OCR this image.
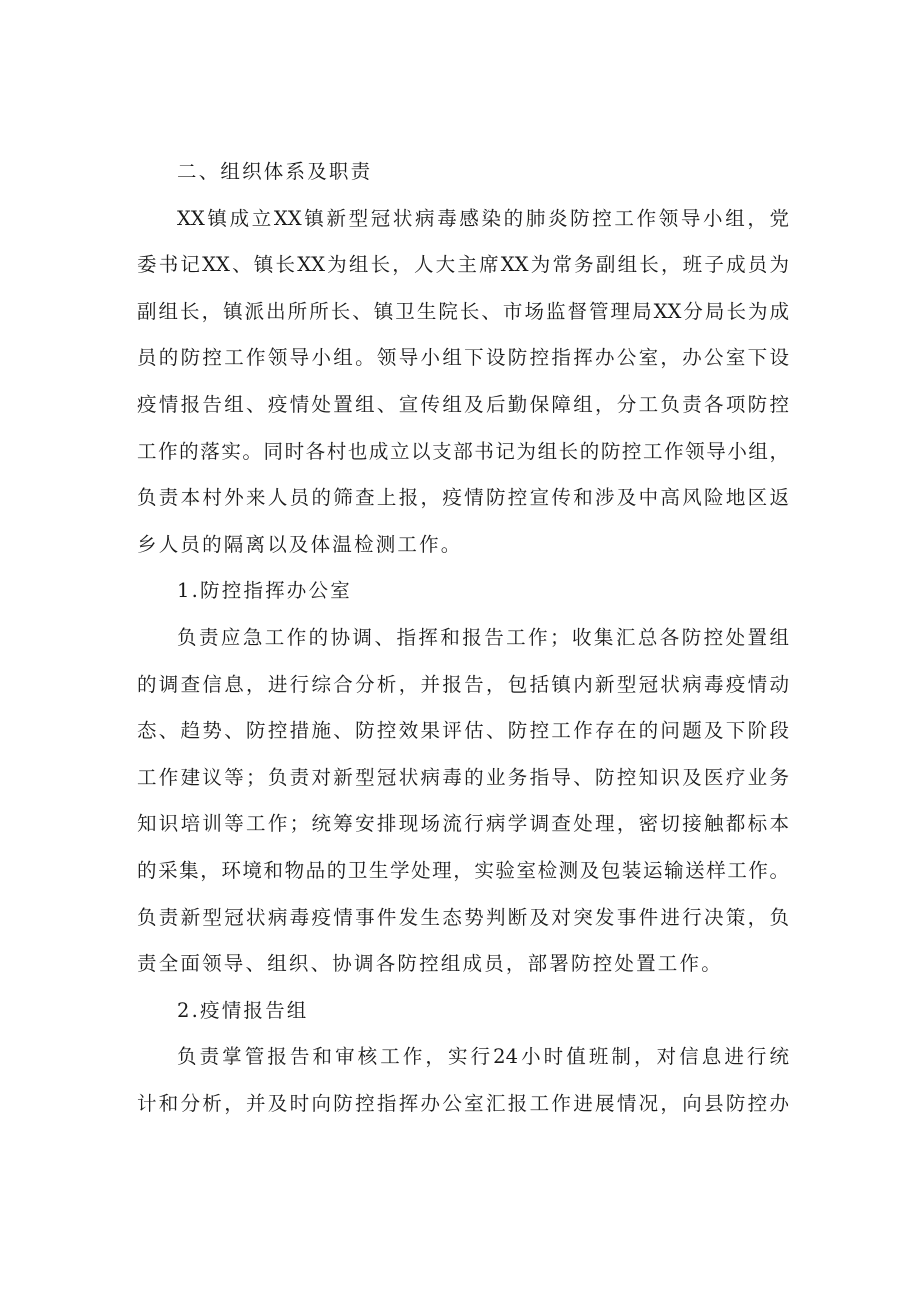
二、组织体系及职责
XX镇成立XX镇新型冠状病毒感染的肺炎防控工作领导小组，党
委书记XX、镇长XX为组长，人大主席XX为常务副组长，班子成员为
副组长，镇派出所所长、镇卫生院长、市场监督管理局XX分局长为成
员的防控工作领导小组。领导小组下设防控指挥办公室，办公室下设
疫情报告组、疫情处置组、宣传组及后勤保障组，分工负责各项防控
工作的落实。同时各村也成立以支部书记为组长的防控工作领导小组，
负责本村外来人员的筛查上报，疫情防控宣传和涉及中高风险地区返
乡人员的隔离以及体温检测工作。
1.防控指挥办公室
负责应急工作的协调、指挥和报告工作；收集汇总各防控处置组
的调查信息，进行综合分析，并报告，包括镇内新型冠状病毒疫情动
态、趋势、防控措施、防控效果评估、防控工作存在的问题及下阶段
工作建议等；负责对新型冠状病毒的业务指导、防控知识及医疗业务
知识培训等工作；统筹安排现场流行病学调查处理，密切接触都标本
的采集，环境和物品的卫生学处理，实验室检测及包装运输送样工作。
负责新型冠状病毒疫情事件发生态势判断及对突发事件进行决策，负
责全面领导、组织、协调各防控组成员，部署防控处置工作。
2.疫情报告组
负责掌管报告和审核工作，实行24小时值班制，对信息进行统
计和分析，并及时向防控指挥办公室汇报工作进展情况，向县防控办
